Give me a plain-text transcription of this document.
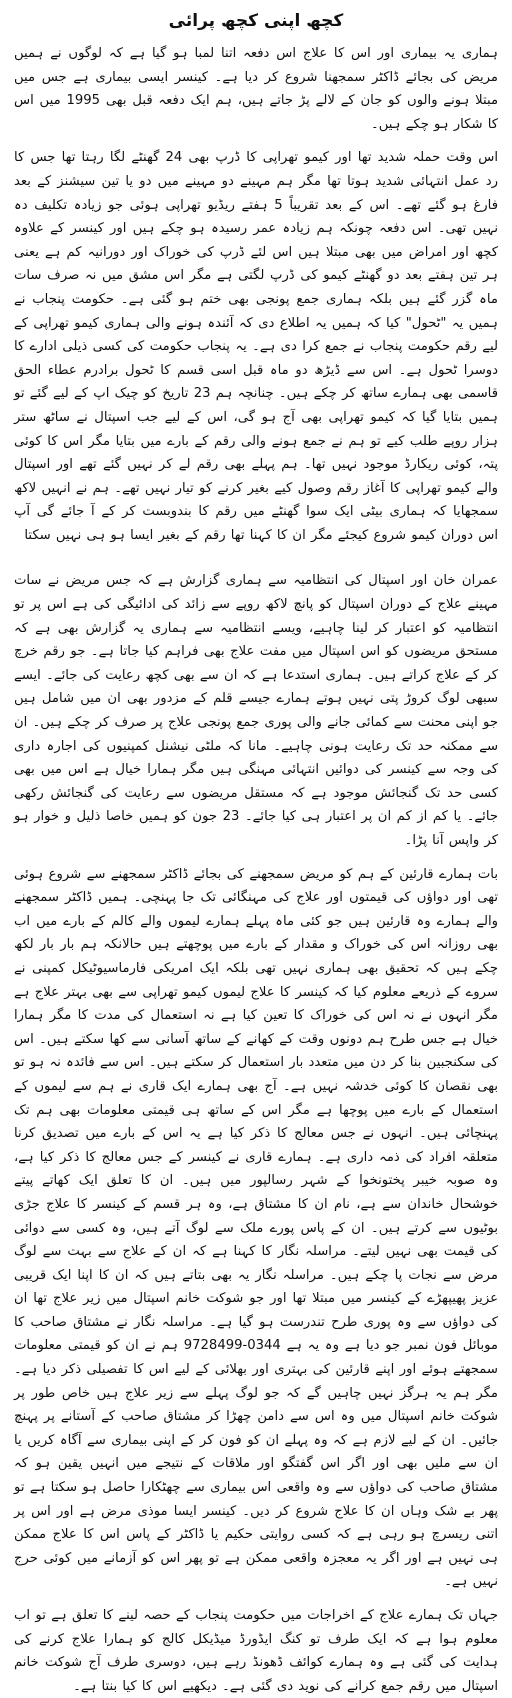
کچھ اپنی کچھ پرائی

ہماری یہ بیماری اور اس کا علاج اس دفعہ اتنا لمبا ہو گیا ہے کہ لوگوں نے ہمیں مریض کی بجائے ڈاکٹر سمجھنا شروع کر دیا ہے۔ کینسر ایسی بیماری ہے جس میں مبتلا ہونے والوں کو جان کے لالے پڑ جاتے ہیں، ہم ایک دفعہ قبل بھی 1995 میں اس کا شکار ہو چکے ہیں۔

اس وقت حملہ شدید تھا اور کیمو تھراپی کا ڈرپ بھی 24 گھنٹے لگا رہتا تھا جس کا رد عمل انتہائی شدید ہوتا تھا مگر ہم مہینے دو مہینے میں دو یا تین سیشنز کے بعد فارغ ہو گئے تھے۔ اس کے بعد تقریباً 5 ہفتے ریڈیو تھراپی ہوئی جو زیادہ تکلیف دہ نہیں تھی۔ اس دفعہ چونکہ ہم زیادہ عمر رسیدہ ہو چکے ہیں اور کینسر کے علاوہ کچھ اور امراض میں بھی مبتلا ہیں اس لئے ڈرپ کی خوراک اور دورانیہ کم ہے یعنی ہر تین ہفتے بعد دو گھنٹے کیمو کی ڈرپ لگتی ہے مگر اس مشق میں نہ صرف سات ماہ گزر گئے ہیں بلکہ ہماری جمع پونجی بھی ختم ہو گئی ہے۔ حکومت پنجاب نے ہمیں یہ "ٹحول" کیا کہ ہمیں یہ اطلاع دی کہ آئندہ ہونے والی ہماری کیمو تھراپی کے لیے رقم حکومت پنجاب نے جمع کرا دی ہے۔ یہ پنجاب حکومت کی کسی ذیلی ادارے کا دوسرا ٹحول ہے۔ اس سے ڈیڑھ دو ماہ قبل اسی قسم کا ٹحول برادرم عطاء الحق قاسمی بھی ہمارے ساتھ کر چکے ہیں۔ چنانچہ ہم 23 تاریخ کو چیک اپ کے لیے گئے تو ہمیں بتایا گیا کہ کیمو تھراپی بھی آج ہو گی، اس کے لیے جب اسپتال نے ساٹھ ستر ہزار روپے طلب کیے تو ہم نے جمع ہونے والی رقم کے بارے میں بتایا مگر اس کا کوئی پتہ، کوئی ریکارڈ موجود نہیں تھا۔ ہم پہلے بھی رقم لے کر نہیں گئے تھے اور اسپتال والے کیمو تھراپی کا آغاز رقم وصول کیے بغیر کرنے کو تیار نہیں تھے۔ ہم نے انہیں لاکھ سمجھایا کہ ہماری بیٹی ایک سوا گھنٹے میں رقم کا بندوبست کر کے آ جائے گی آپ اس دوران کیمو شروع کیجئے مگر ان کا کہنا تھا رقم کے بغیر ایسا ہو ہی نہیں سکتا

عمران خان اور اسپتال کی انتظامیہ سے ہماری گزارش ہے کہ جس مریض نے سات مہینے علاج کے دوران اسپتال کو پانچ لاکھ روپے سے زائد کی ادائیگی کی ہے اس پر تو انتظامیہ کو اعتبار کر لینا چاہیے، ویسے انتظامیہ سے ہماری یہ گزارش بھی ہے کہ مستحق مریضوں کو اس اسپتال میں مفت علاج بھی فراہم کیا جاتا ہے۔ جو رقم خرچ کر کے علاج کراتے ہیں۔ ہماری استدعا ہے کہ ان سے بھی کچھ رعایت کی جائے۔ ایسے سبھی لوگ کروڑ پتی نہیں ہوتے ہمارے جیسے قلم کے مزدور بھی ان میں شامل ہیں جو اپنی محنت سے کمائی جانے والی پوری جمع پونجی علاج پر صرف کر چکے ہیں۔ ان سے ممکنہ حد تک رعایت ہونی چاہیے۔ مانا کہ ملٹی نیشنل کمپنیوں کی اجارہ داری کی وجہ سے کینسر کی دوائیں انتہائی مہنگی ہیں مگر ہمارا خیال ہے اس میں بھی کسی حد تک گنجائش موجود ہے کہ مستقل مریضوں سے رعایت کی گنجائش رکھی جائے۔ یا کم از کم ان پر اعتبار ہی کیا جائے۔ 23 جون کو ہمیں خاصا ذلیل و خوار ہو کر واپس آنا پڑا۔

بات ہمارے قارئین کے ہم کو مریض سمجھنے کی بجائے ڈاکٹر سمجھنے سے شروع ہوئی تھی اور دواؤں کی قیمتوں اور علاج کی مہنگائی تک جا پہنچی۔ ہمیں ڈاکٹر سمجھنے والے ہمارے وہ قارئین ہیں جو کئی ماہ پہلے ہمارے لیموں والے کالم کے بارے میں اب بھی روزانہ اس کی خوراک و مقدار کے بارے میں پوچھتے ہیں حالانکہ ہم بار بار لکھ چکے ہیں کہ تحقیق بھی ہماری نہیں تھی بلکہ ایک امریکی فارماسیوٹیکل کمپنی نے سروے کے ذریعے معلوم کیا کہ کینسر کا علاج لیموں کیمو تھراپی سے بھی بہتر علاج ہے مگر انہوں نے نہ اس کی خوراک کا تعین کیا ہے نہ استعمال کی مدت کا مگر ہمارا خیال ہے جس طرح ہم دونوں وقت کے کھانے کے ساتھ آسانی سے کھا سکتے ہیں۔ اس کی سکنجبین بنا کر دن میں متعدد بار استعمال کر سکتے ہیں۔ اس سے فائدہ نہ ہو تو بھی نقصان کا کوئی خدشہ نہیں ہے۔ آج بھی ہمارے ایک قاری نے ہم سے لیموں کے استعمال کے بارے میں پوچھا ہے مگر اس کے ساتھ ہی قیمتی معلومات بھی ہم تک پہنچائی ہیں۔ انہوں نے جس معالج کا ذکر کیا ہے یہ اس کے بارے میں تصدیق کرنا متعلقہ افراد کی ذمہ داری ہے۔ ہمارے قاری نے کینسر کے جس معالج کا ذکر کیا ہے، وہ صوبہ خیبر پختونخوا کے شہر رسالپور میں ہیں۔ ان کا تعلق ایک کھاتے پیتے خوشحال خاندان سے ہے، نام ان کا مشتاق ہے، وہ ہر قسم کے کینسر کا علاج جڑی بوٹیوں سے کرتے ہیں۔ ان کے پاس پورے ملک سے لوگ آتے ہیں، وہ کسی سے دوائی کی قیمت بھی نہیں لیتے۔ مراسلہ نگار کا کہنا ہے کہ ان کے علاج سے بہت سے لوگ مرض سے نجات پا چکے ہیں۔ مراسلہ نگار یہ بھی بتاتے ہیں کہ ان کا اپنا ایک قریبی عزیز پھیپھڑے کے کینسر میں مبتلا تھا اور جو شوکت خانم اسپتال میں زیر علاج تھا ان کی دواؤں سے وہ پوری طرح تندرست ہو گیا ہے۔ مراسلہ نگار نے مشتاق صاحب کا موبائل فون نمبر جو دیا ہے وہ یہ ہے 0344-9728499 ہم نے ان کو قیمتی معلومات سمجھتے ہوئے اور اپنے قارئین کی بہتری اور بھلائی کے لیے اس کا تفصیلی ذکر دیا ہے۔ مگر ہم یہ ہرگز نہیں چاہیں گے کہ جو لوگ پہلے سے زیر علاج ہیں خاص طور پر شوکت خانم اسپتال میں وہ اس سے دامن چھڑا کر مشتاق صاحب کے آستانے پر پہنچ جائیں۔ ان کے لیے لازم ہے کہ وہ پہلے ان کو فون کر کے اپنی بیماری سے آگاہ کریں یا ان سے ملیں بھی اور اگر اس گفتگو اور ملاقات کے نتیجے میں انہیں یقین ہو کہ مشتاق صاحب کی دواؤں سے وہ واقعی اس بیماری سے چھٹکارا حاصل ہو سکتا ہے تو پھر بے شک وہاں ان کا علاج شروع کر دیں۔ کینسر ایسا موذی مرض ہے اور اس پر اتنی ریسرچ ہو رہی ہے کہ کسی روایتی حکیم یا ڈاکٹر کے پاس اس کا علاج ممکن ہی نہیں ہے اور اگر یہ معجزہ واقعی ممکن ہے تو پھر اس کو آزمانے میں کوئی حرج نہیں ہے۔

جہاں تک ہمارے علاج کے اخراجات میں حکومت پنجاب کے حصہ لینے کا تعلق ہے تو اب معلوم ہوا ہے کہ ایک طرف تو کنگ ایڈورڈ میڈیکل کالج کو ہمارا علاج کرنے کی ہدایت کی گئی ہے وہ ہمارے کوائف ڈھونڈ رہے ہیں، دوسری طرف آج شوکت خانم اسپتال میں رقم جمع کرانے کی نوید دی گئی ہے۔ دیکھیے اس کا کیا بنتا ہے۔
